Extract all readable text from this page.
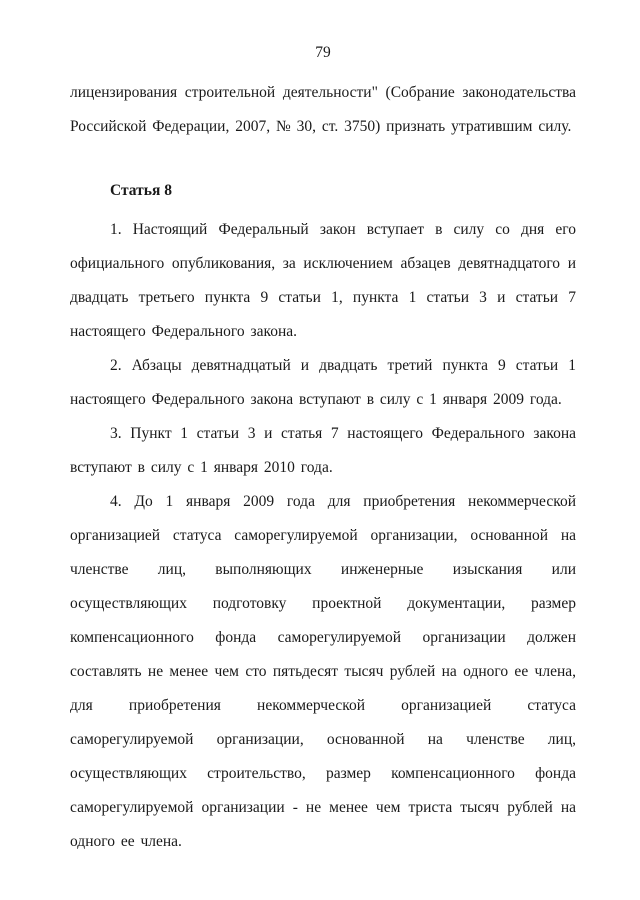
79

лицензирования строительной деятельности" (Собрание законодательства Российской Федерации, 2007, № 30, ст. 3750) признать утратившим силу.

Статья 8

1. Настоящий Федеральный закон вступает в силу со дня его официального опубликования, за исключением абзацев девятнадцатого и двадцать третьего пункта 9 статьи 1, пункта 1 статьи 3 и статьи 7 настоящего Федерального закона.

2. Абзацы девятнадцатый и двадцать третий пункта 9 статьи 1 настоящего Федерального закона вступают в силу с 1 января 2009 года.

3. Пункт 1 статьи 3 и статья 7 настоящего Федерального закона вступают в силу с 1 января 2010 года.

4. До 1 января 2009 года для приобретения некоммерческой организацией статуса саморегулируемой организации, основанной на членстве лиц, выполняющих инженерные изыскания или осуществляющих подготовку проектной документации, размер компенсационного фонда саморегулируемой организации должен составлять не менее чем сто пятьдесят тысяч рублей на одного ее члена, для приобретения некоммерческой организацией статуса саморегулируемой организации, основанной на членстве лиц, осуществляющих строительство, размер компенсационного фонда саморегулируемой организации - не менее чем триста тысяч рублей на одного ее члена.
